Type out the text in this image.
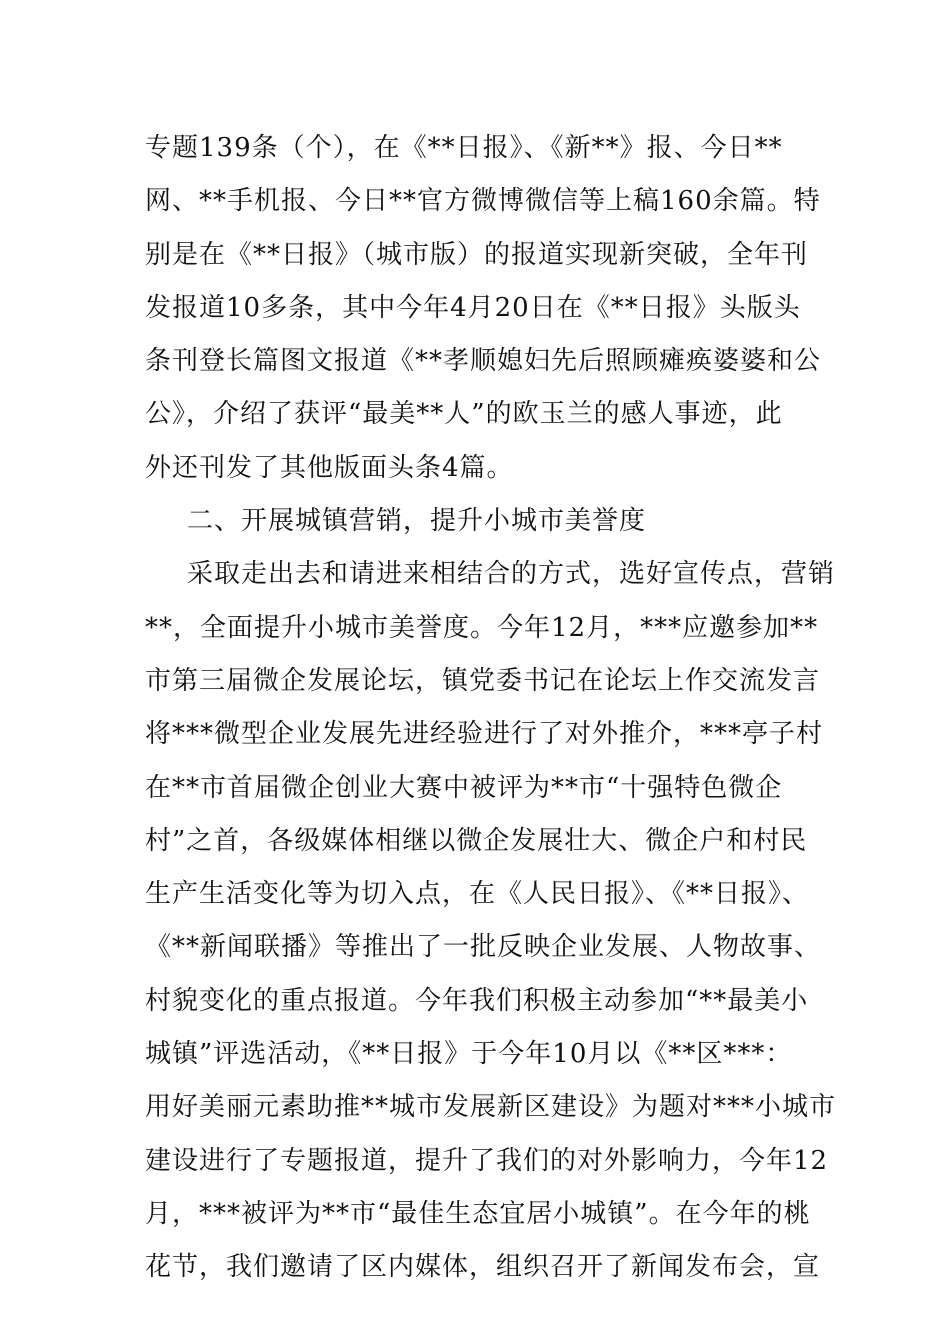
专题139条（个），在《**日报》、《新**》报、今日**
网、**手机报、今日**官方微博微信等上稿160余篇。特
别是在《**日报》（城市版）的报道实现新突破，全年刊
发报道10多条，其中今年4月20日在《**日报》头版头
条刊登长篇图文报道《**孝顺媳妇先后照顾瘫痪婆婆和公
公》，介绍了获评“最美**人”的欧玉兰的感人事迹，此
外还刊发了其他版面头条4篇。
二、开展城镇营销，提升小城市美誉度
采取走出去和请进来相结合的方式，选好宣传点，营销
**，全面提升小城市美誉度。今年12月，***应邀参加**
市第三届微企发展论坛，镇党委书记在论坛上作交流发言
将***微型企业发展先进经验进行了对外推介，***亭子村
在**市首届微企创业大赛中被评为**市“十强特色微企
村”之首，各级媒体相继以微企发展壮大、微企户和村民
生产生活变化等为切入点，在《人民日报》、《**日报》、
《**新闻联播》等推出了一批反映企业发展、人物故事、
村貌变化的重点报道。今年我们积极主动参加“**最美小
城镇”评选活动，《**日报》于今年10月以《**区***：
用好美丽元素助推**城市发展新区建设》为题对***小城市
建设进行了专题报道，提升了我们的对外影响力，今年12
月，***被评为**市“最佳生态宜居小城镇”。在今年的桃
花节，我们邀请了区内媒体，组织召开了新闻发布会，宣
